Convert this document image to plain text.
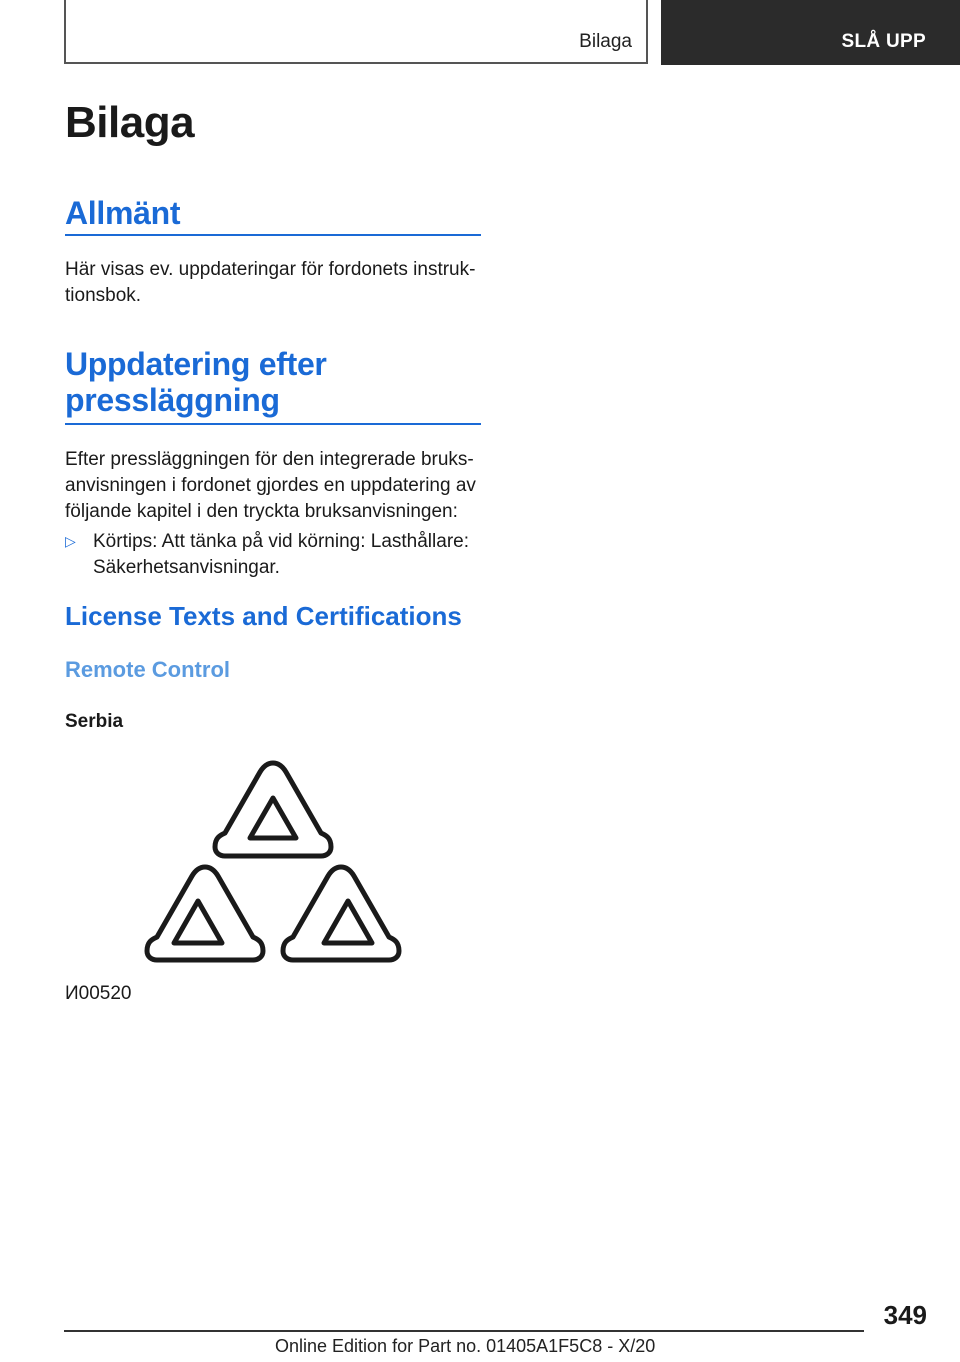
Bilaga	SLÅ UPP
Bilaga
Allmänt

Här visas ev. uppdateringar för fordonets instruk-

tionsbok.

Uppdatering efter
pressläggning

Efter pressläggningen för den integrerade bruks-

anvisningen i fordonet gjordes en uppdatering av

följande kapitel i den tryckta bruksanvisningen:

▷ Körtips: Att tänka på vid körning: Lasthållare:

Säkerhetsanvisningar.

License Texts and Certifications
Remote Control
Serbia
И00520
349
Online Edition for Part no. 01405A1F5C8 - X/20
